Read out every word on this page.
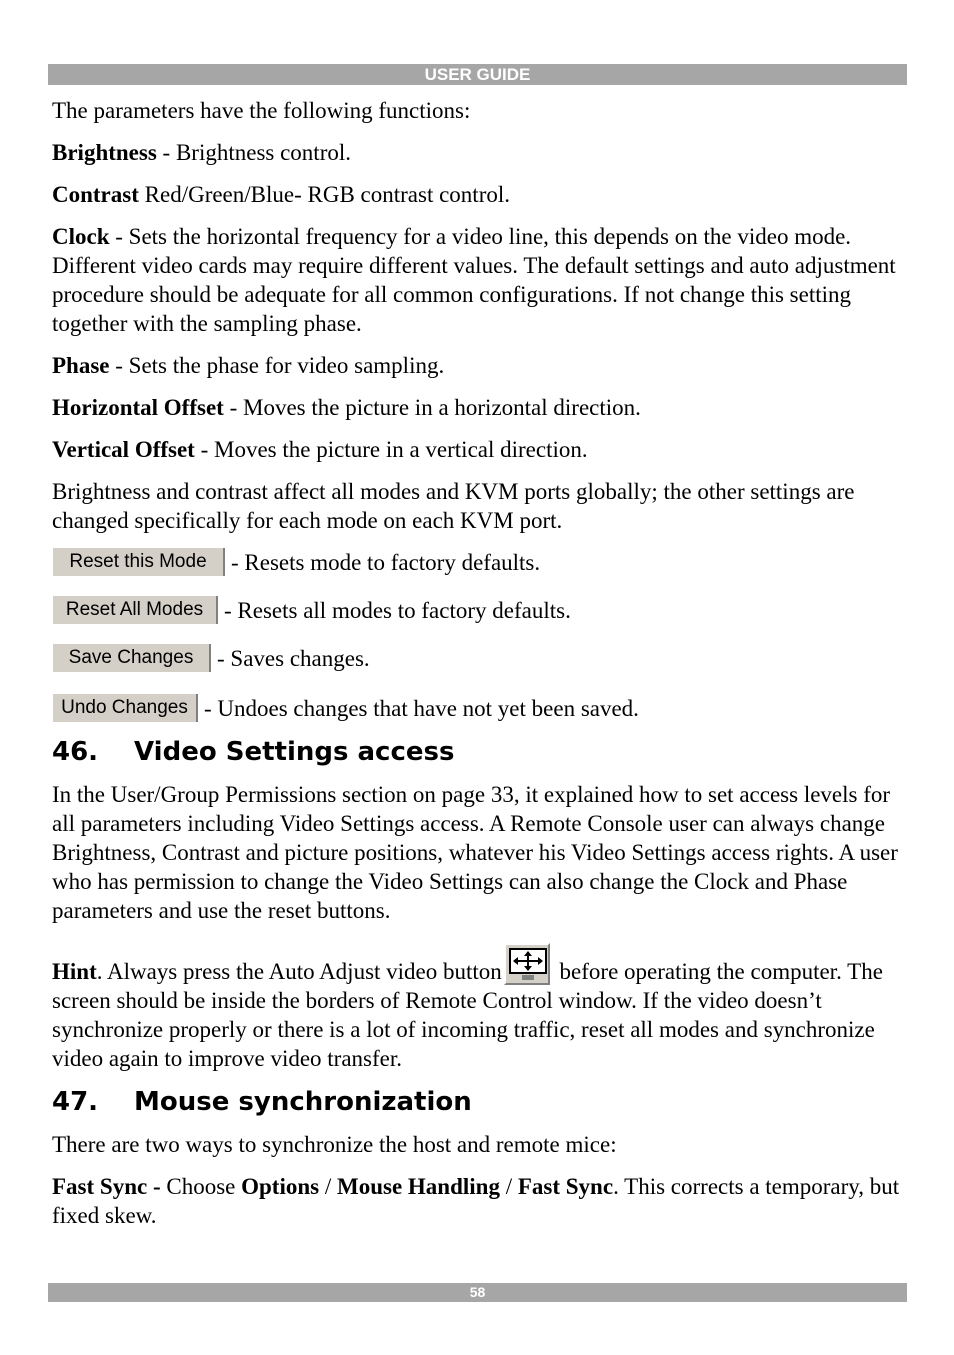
USER GUIDE

The parameters have the following functions:

Brightness - Brightness control.

Contrast Red/Green/Blue- RGB contrast control.

Clock - Sets the horizontal frequency for a video line, this depends on the video mode. Different video cards may require different values. The default settings and auto adjustment procedure should be adequate for all common configurations. If not change this setting together with the sampling phase.

Phase - Sets the phase for video sampling.

Horizontal Offset - Moves the picture in a horizontal direction.

Vertical Offset - Moves the picture in a vertical direction.

Brightness and contrast affect all modes and KVM ports globally; the other settings are changed specifically for each mode on each KVM port.

Reset this Mode	- Resets mode to factory defaults.
Reset All Modes - Resets all modes to factory defaults.
Save Changes	- Saves changes.
Undo Changes - Undoes changes that have not yet been saved.
46.	Video Settings access

In the User/Group Permissions section on page 33, it explained how to set access levels for all parameters including Video Settings access. A Remote Console user can always change Brightness, Contrast and picture positions, whatever his Video Settings access rights. A user who has permission to change the Video Settings can also change the Clock and Phase parameters and use the reset buttons.

Hint. Always press the Auto Adjust video button
before operating the computer. The screen should be inside the borders of Remote Control window. If the video doesn’t synchronize properly or there is a lot of incoming traffic, reset all modes and synchronize video again to improve video transfer.

47.	Mouse synchronization

There are two ways to synchronize the host and remote mice:

Fast Sync - Choose Options / Mouse Handling / Fast Sync. This corrects a temporary, but fixed skew.

58
